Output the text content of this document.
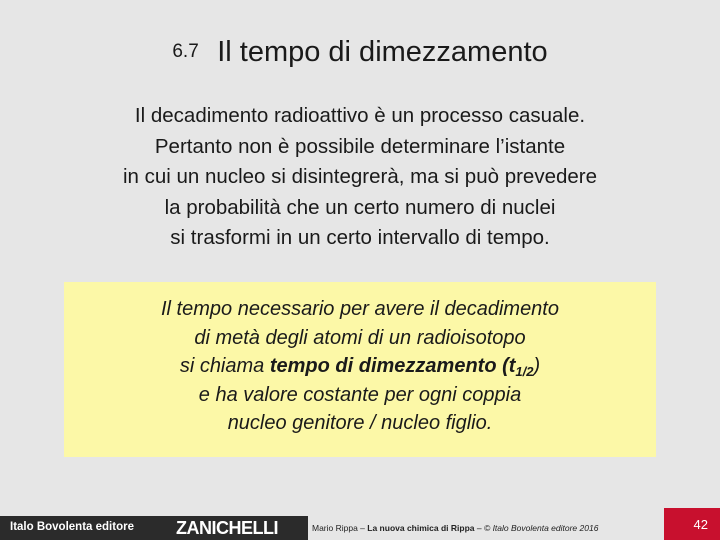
6.7 Il tempo di dimezzamento
Il decadimento radioattivo è un processo casuale.
Pertanto non è possibile determinare l’istante
in cui un nucleo si disintegrerà, ma si può prevedere
la probabilità che un certo numero di nuclei
si trasformi in un certo intervallo di tempo.
Il tempo necessario per avere il decadimento
di metà degli atomi di un radioisotopo
si chiama tempo di dimezzamento $(t_{1/2})$
e ha valore costante per ogni coppia
nucleo genitore / nucleo figlio.
Italo Bovolenta editore ZANICHELLI	Mario Rippa – La nuova chimica di Rippa – © Italo Bovolenta editore 2016	42
